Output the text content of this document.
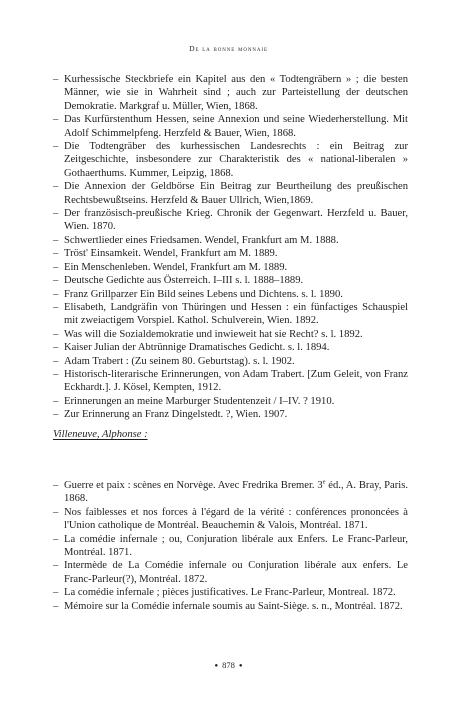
De la bonne monnaie

– Kurhessische Steckbriefe ein Kapitel aus den « Todtengräbern » ; die besten Männer, wie sie in Wahrheit sind ; auch zur Parteistellung der deutschen Demokratie. Markgraf u. Müller, Wien, 1868.

– Das Kurfürstenthum Hessen, seine Annexion und seine Wiederherstellung. Mit Adolf Schimmelpfeng. Herzfeld & Bauer, Wien, 1868.

– Die Todtengräber des kurhessischen Landesrechts : ein Beitrag zur Zeitgeschichte, insbesondere zur Charakteristik des « national-liberalen » Gothaerthums. Kummer, Leipzig, 1868.

– Die Annexion der Geldbörse Ein Beitrag zur Beurtheilung des preußischen Rechtsbewußtseins. Herzfeld & Bauer Ullrich, Wien,1869.

– Der französisch-preußische Krieg. Chronik der Gegenwart. Herzfeld u. Bauer, Wien. 1870.

– Schwertlieder eines Friedsamen. Wendel, Frankfurt am M. 1888.

– Tröst' Einsamkeit. Wendel, Frankfurt am M. 1889.

– Ein Menschenleben. Wendel, Frankfurt am M. 1889.

– Deutsche Gedichte aus Österreich. I–III s. l. 1888–1889.

– Franz Grillparzer Ein Bild seines Lebens und Dichtens. s. l. 1890.

– Elisabeth, Landgräfin von Thüringen und Hessen : ein fünfactiges Schauspiel mit zweiactigem Vorspiel. Kathol. Schulverein, Wien. 1892.

– Was will die Sozialdemokratie und inwieweit hat sie Recht? s. l. 1892.

– Kaiser Julian der Abtrünnige Dramatisches Gedicht. s. l. 1894.

– Adam Trabert : (Zu seinem 80. Geburtstag). s. l. 1902.

– Historisch-literarische Erinnerungen, von Adam Trabert. [Zum Geleit, von Franz Eckhardt.]. J. Kösel, Kempten, 1912.

– Erinnerungen an meine Marburger Studentenzeit / I–IV. ? 1910.

– Zur Erinnerung an Franz Dingelstedt. ?, Wien. 1907.

Villeneuve, Alphonse :

– Guerre et paix : scènes en Norvège. Avec Fredrika Bremer. 3e éd., A. Bray, Paris. 1868.

– Nos faiblesses et nos forces à l'égard de la vérité : conférences prononcées à l'Union catholique de Montréal. Beauchemin & Valois, Montréal. 1871.

– La comédie infernale ; ou, Conjuration libérale aux Enfers. Le Franc-Parleur, Montréal. 1871.

– Intermède de La Comédie infernale ou Conjuration libérale aux enfers. Le Franc-Parleur(?), Montréal. 1872.

– La comédie infernale ; pièces justificatives. Le Franc-Parleur, Montreal. 1872.

– Mémoire sur la Comédie infernale soumis au Saint-Siège. s. n., Montréal. 1872.

● 878 ●
